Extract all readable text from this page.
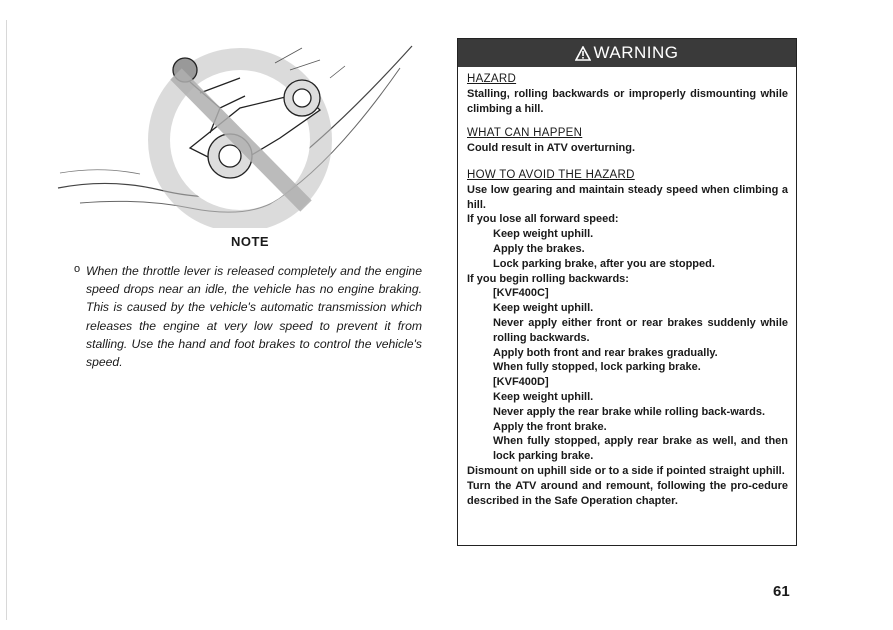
NOTE
o When the throttle lever is released completely and the engine speed drops near an idle, the vehicle has no engine braking. This is caused by the vehicle's automatic transmission which releases the engine at very low speed to prevent it from stalling. Use the hand and foot brakes to control the vehicle's speed.
WARNING
HAZARD
Stalling, rolling backwards or improperly dismounting while climbing a hill.
WHAT CAN HAPPEN
Could result in ATV overturning.
HOW TO AVOID THE HAZARD
Use low gearing and maintain steady speed when climbing a hill.
If you lose all forward speed:
Keep weight uphill.
Apply the brakes.
Lock parking brake, after you are stopped.
If you begin rolling backwards:
[KVF400C]
Keep weight uphill.
Never apply either front or rear brakes suddenly while rolling backwards.
Apply both front and rear brakes gradually.
When fully stopped, lock parking brake.
[KVF400D]
Keep weight uphill.
Never apply the rear brake while rolling back-wards.
Apply the front brake.
When fully stopped, apply rear brake as well, and then lock parking brake.
Dismount on uphill side or to a side if pointed straight uphill.
Turn the ATV around and remount, following the pro-cedure described in the Safe Operation chapter.
61
